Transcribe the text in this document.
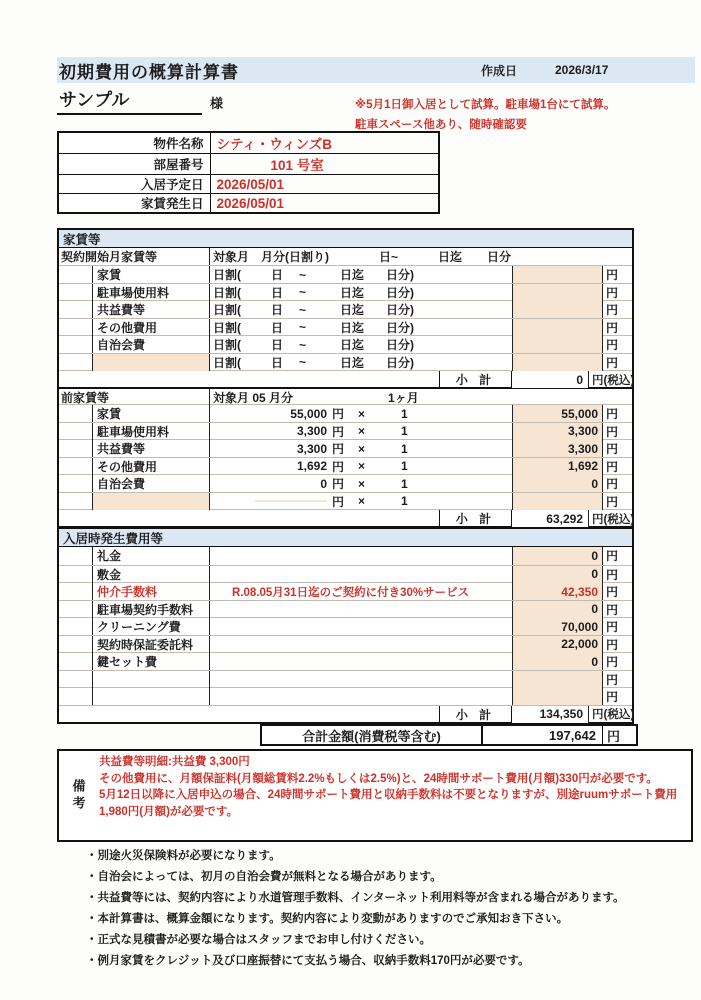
初期費用の概算計算書	作成日	2026/3/17
サンプル	様	※5月1日御入居として試算。駐車場1台にて試算。
駐車スペース他あり、随時確認要
物件名称	シティ・ウィンズB
部屋番号	101 号室
入居予定日	2026/05/01
家賃発生日	2026/05/01
家賃等
契約開始月家賃等	対象月 月分(日割り)	日~	日迄 日分
家賃	日割(	日 ~	日迄 日分)	円
駐車場使用料	日割(	日 ~	日迄 日分)	円
共益費等	日割(	日 ~	日迄 日分)	円
その他費用	日割(	日 ~	日迄 日分)	円
自治会費	日割(	日 ~	日迄 日分)	円
日割(	日 ~	日迄 日分)	円
小 計	0 円(税込)
前家賃等	対象月 05 月分	1ヶ月
家賃	55,000 円 ×	1	55,000 円
駐車場使用料	3,300 円 ×	1	3,300 円
共益費等	3,300 円 ×	1	3,300 円
その他費用	1,692 円 ×	1	1,692 円
自治会費	0 円 ×	1	0 円
円 ×	1	円
小 計	63,292 円(税込)
入居時発生費用等
礼金	0 円
敷金	0 円
仲介手数料	R.08.05月31日迄のご契約に付き30%サービス	42,350 円
駐車場契約手数料	0 円
クリーニング費	70,000 円
契約時保証委託料	22,000 円
鍵セット費	0 円
円
円
小 計	134,350 円(税込)
合計金額(消費税等含む)	197,642 円
備考
共益費等明細:共益費 3,300円
その他費用に、月額保証料(月額総賃料2.2%もしくは2.5%)と、24時間サポート費用(月額)330円が必要です。
5月12日以降に入居申込の場合、24時間サポート費用と収納手数料は不要となりますが、別途ruumサポート費用1,980円(月額)が必要です。
・別途火災保険料が必要になります。
・自治会によっては、初月の自治会費が無料となる場合があります。
・共益費等には、契約内容により水道管理手数料、インターネット利用料等が含まれる場合があります。
・本計算書は、概算金額になります。契約内容により変動がありますのでご承知おき下さい。
・正式な見積書が必要な場合はスタッフまでお申し付けください。
・例月家賃をクレジット及び口座振替にて支払う場合、収納手数料170円が必要です。
